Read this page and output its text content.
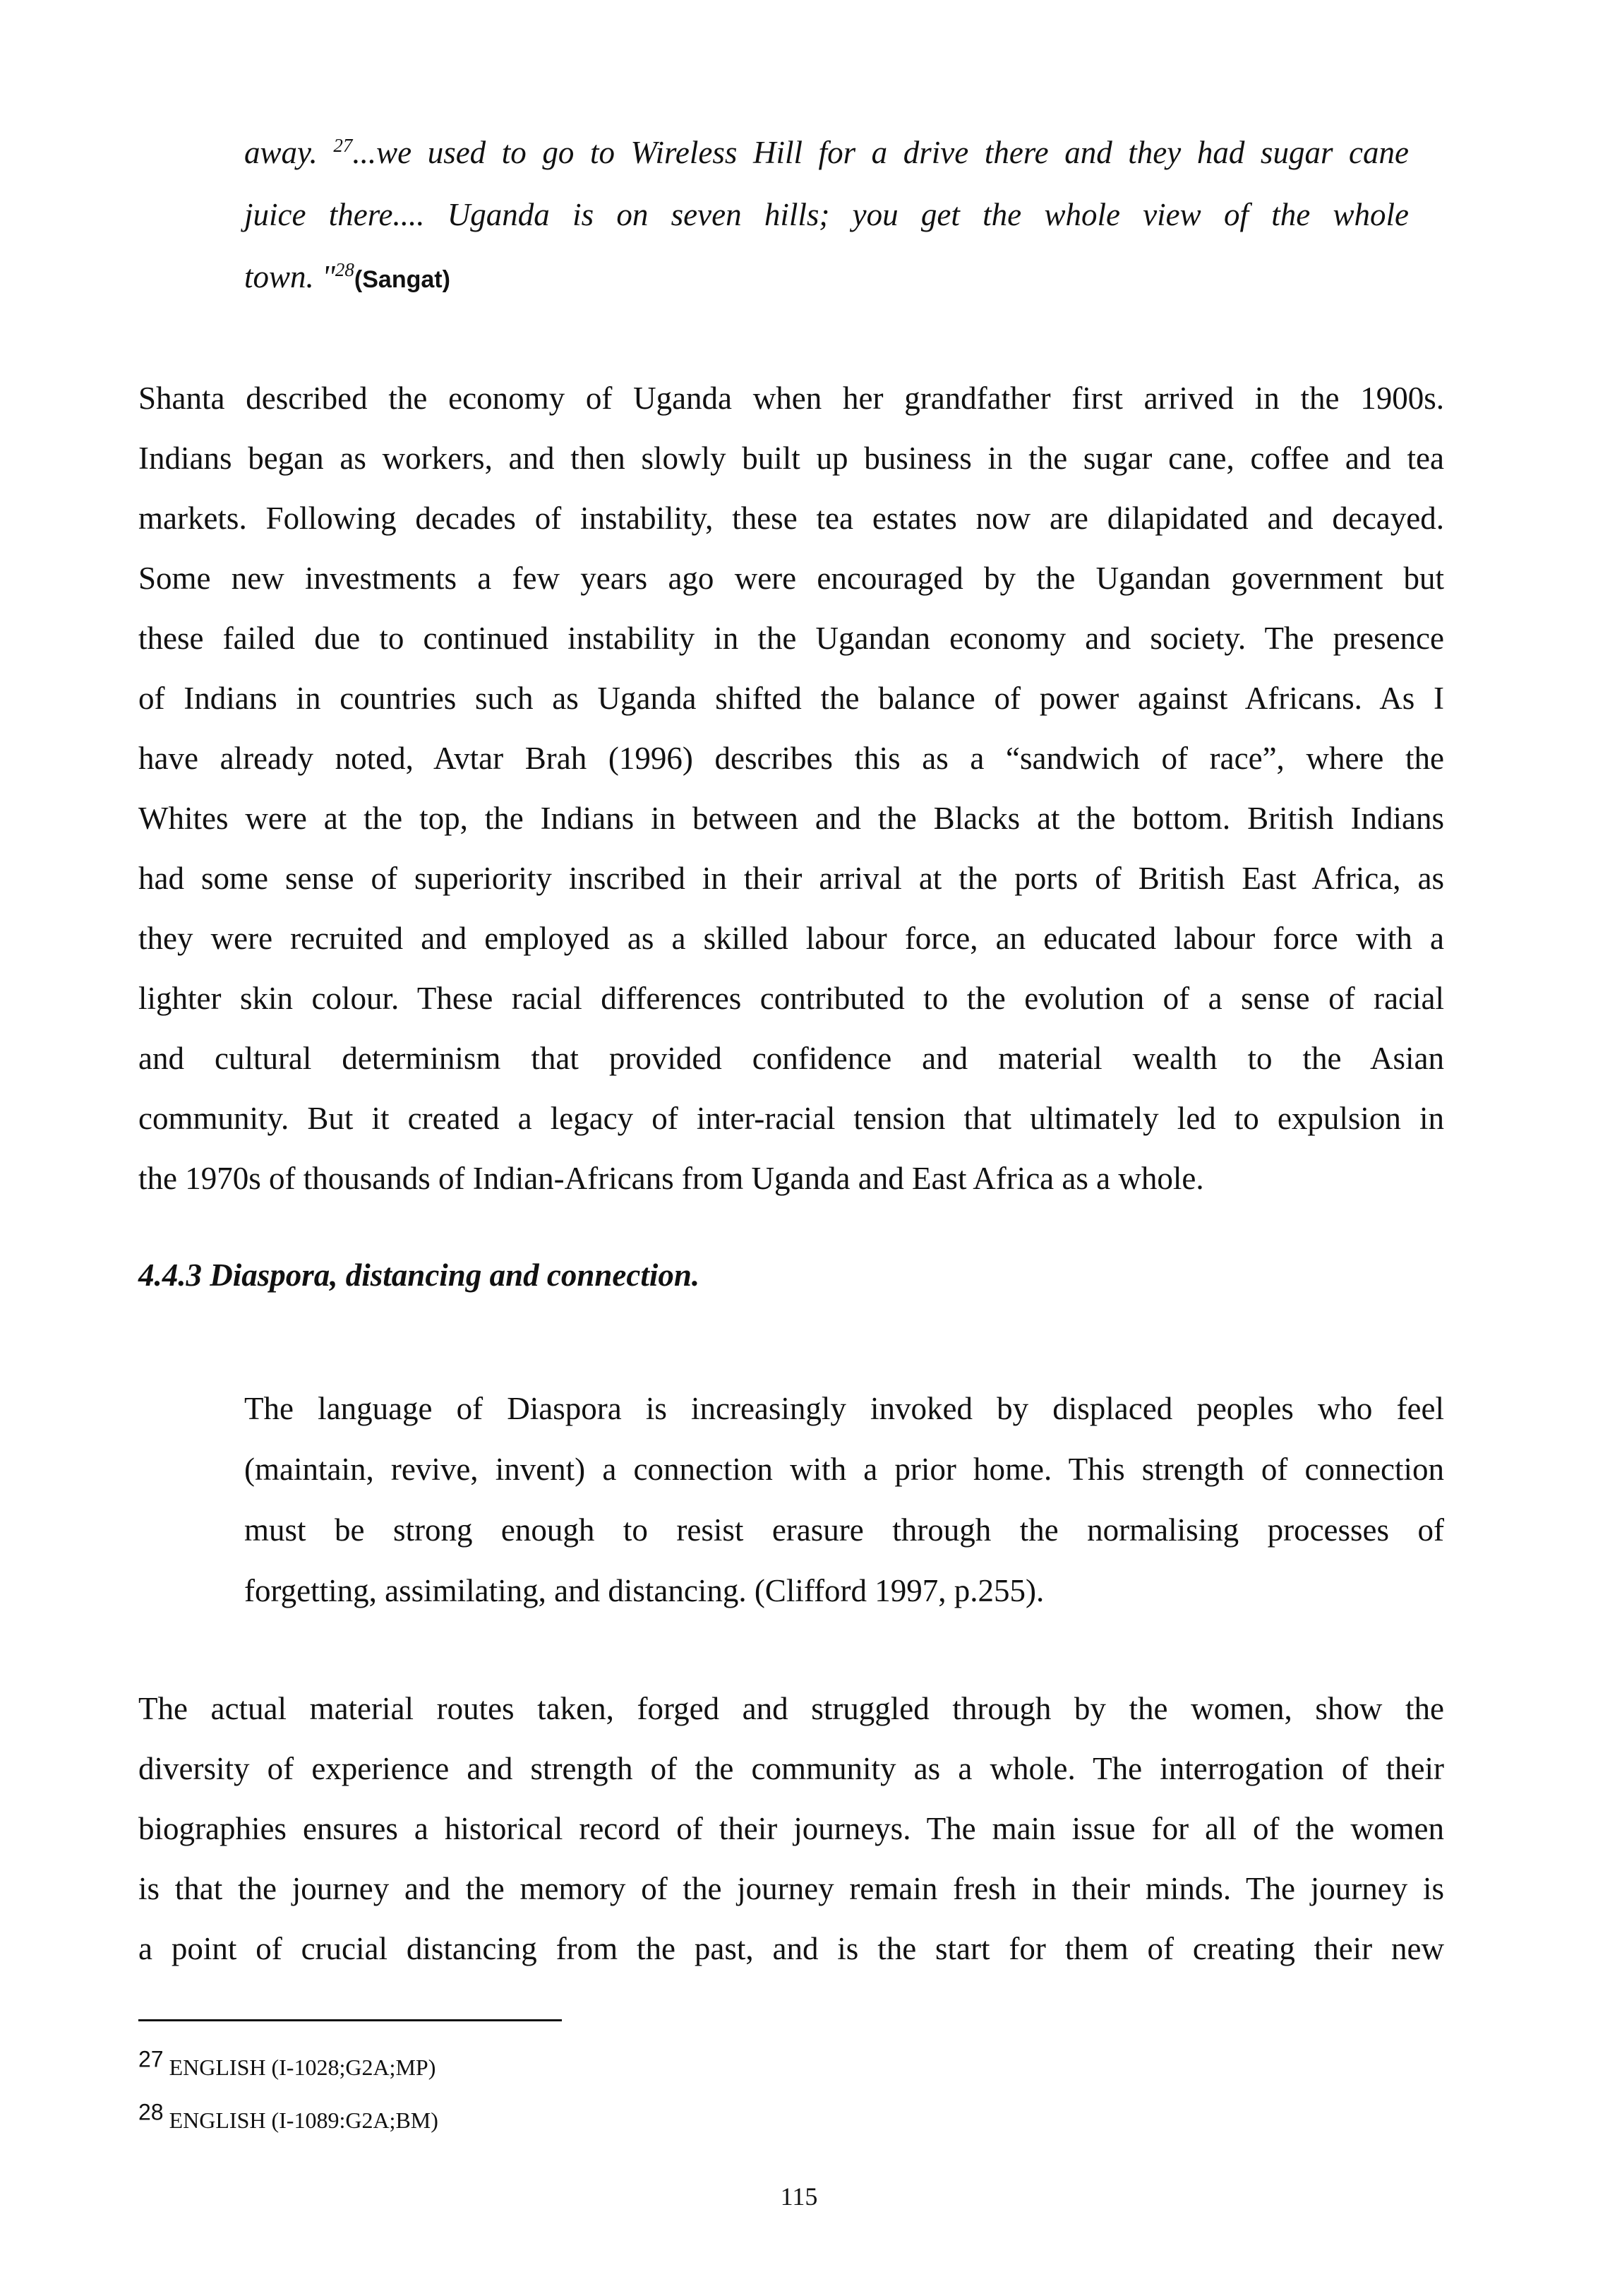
away. $^{27}$...we used to go to Wireless Hill for a drive there and they had sugar cane
juice there.... Uganda is on seven hills; you get the whole view of the whole
town. "$^{28}$(Sangat)
Shanta described the economy of Uganda when her grandfather first arrived in the 1900s.
Indians began as workers, and then slowly built up business in the sugar cane, coffee and tea
markets. Following decades of instability, these tea estates now are dilapidated and decayed.
Some new investments a few years ago were encouraged by the Ugandan government but
these failed due to continued instability in the Ugandan economy and society. The presence
of Indians in countries such as Uganda shifted the balance of power against Africans. As I
have already noted, Avtar Brah (1996) describes this as a “sandwich of race”, where the
Whites were at the top, the Indians in between and the Blacks at the bottom. British Indians
had some sense of superiority inscribed in their arrival at the ports of British East Africa, as
they were recruited and employed as a skilled labour force, an educated labour force with a
lighter skin colour. These racial differences contributed to the evolution of a sense of racial
and cultural determinism that provided confidence and material wealth to the Asian
community. But it created a legacy of inter-racial tension that ultimately led to expulsion in
the 1970s of thousands of Indian-Africans from Uganda and East Africa as a whole.
4.4.3 Diaspora, distancing and connection.
The language of Diaspora is increasingly invoked by displaced peoples who feel
(maintain, revive, invent) a connection with a prior home. This strength of connection
must be strong enough to resist erasure through the normalising processes of
forgetting, assimilating, and distancing. (Clifford 1997, p.255).
The actual material routes taken, forged and struggled through by the women, show the
diversity of experience and strength of the community as a whole. The interrogation of their
biographies ensures a historical record of their journeys. The main issue for all of the women
is that the journey and the memory of the journey remain fresh in their minds. The journey is
a point of crucial distancing from the past, and is the start for them of creating their new
$^{27}$ ENGLISH (I-1028;G2A;MP)
$^{28}$ ENGLISH (I-1089:G2A;BM)
115
